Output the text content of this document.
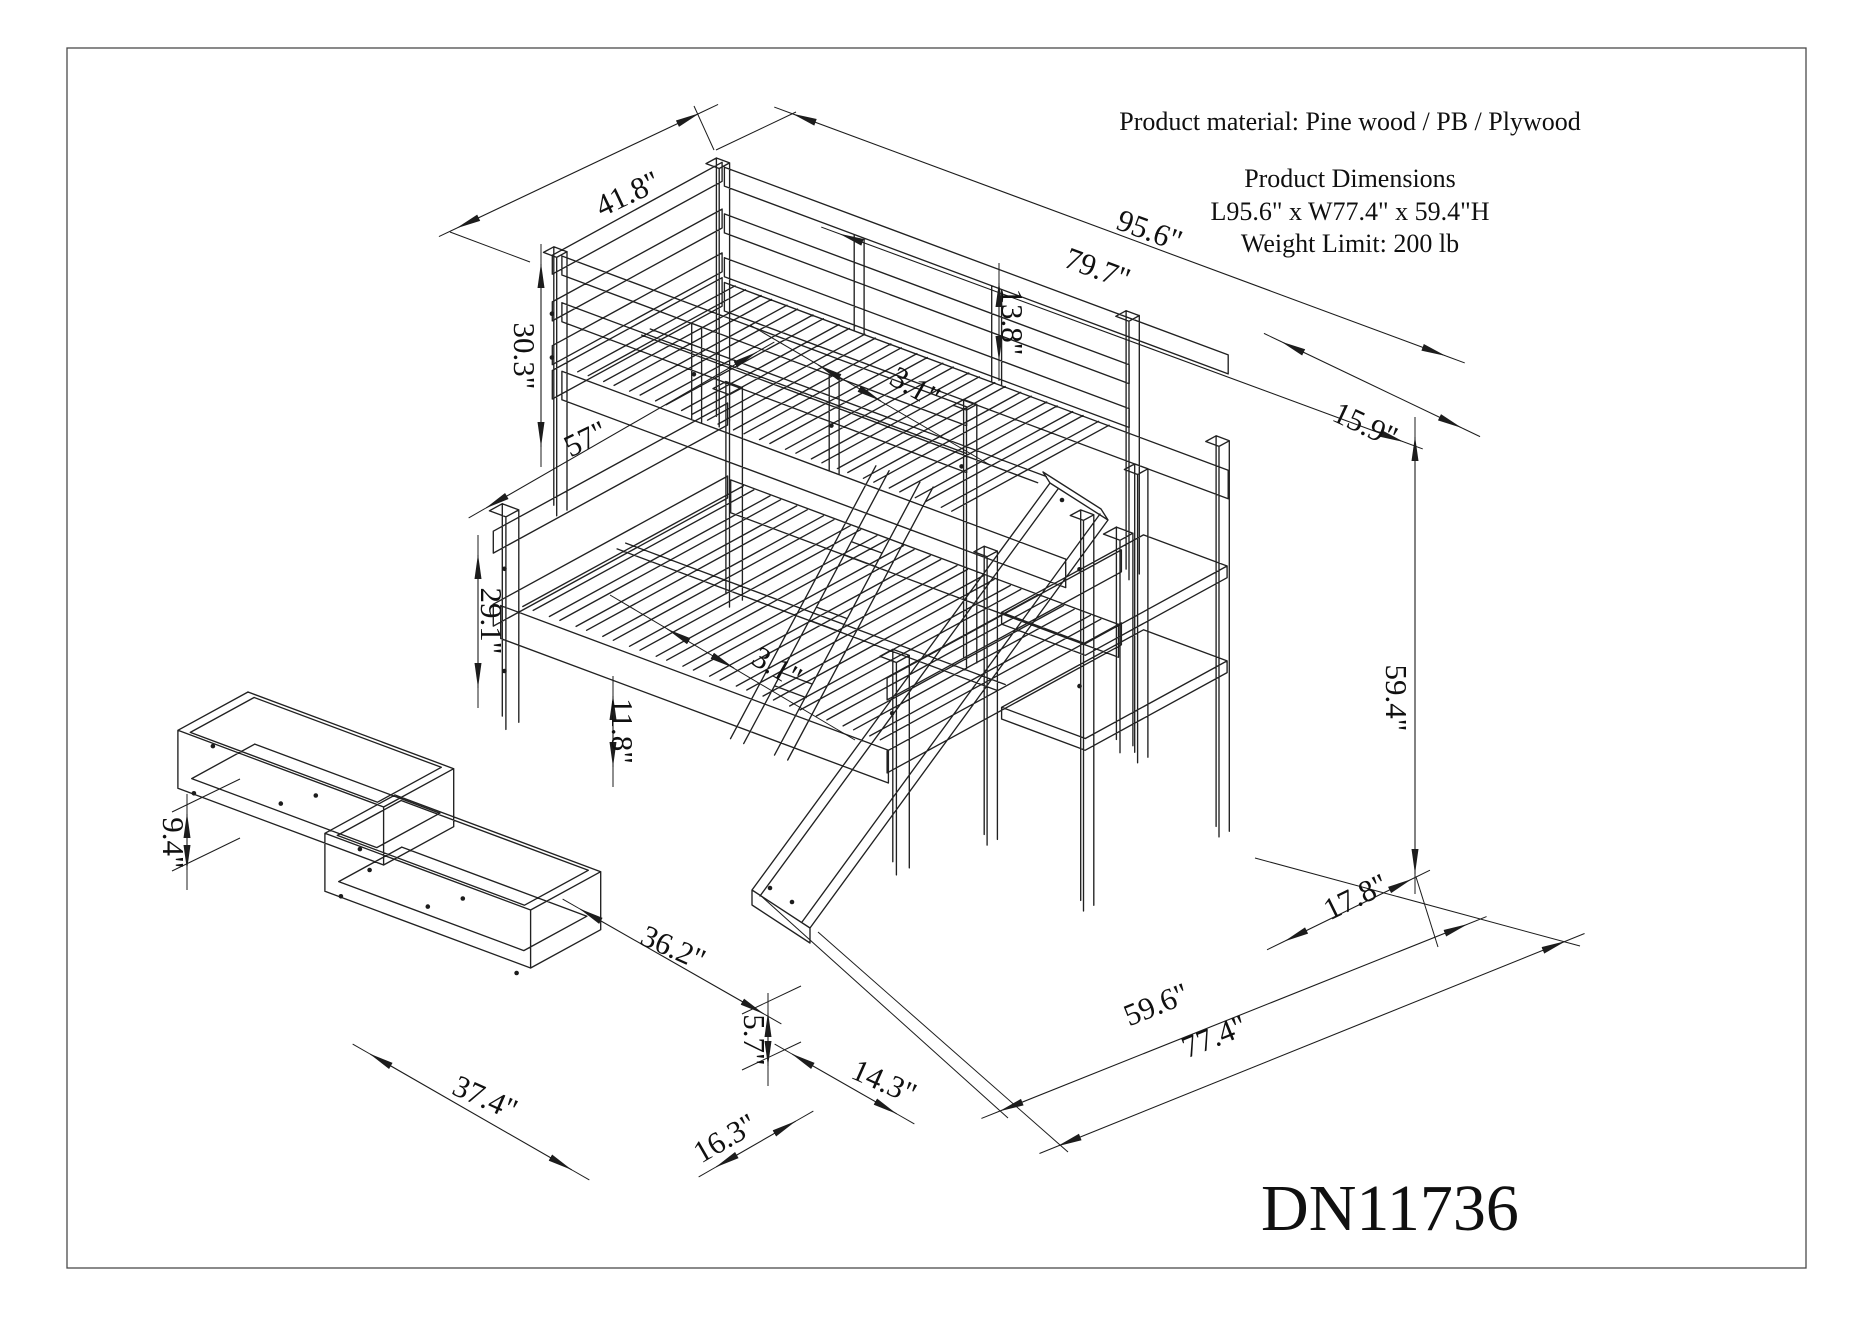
Product material: Pine wood / PB / Plywood
Product Dimensions
L95.6" x W77.4" x 59.4"H
Weight Limit: 200 lb
DN11736
41.8"
95.6"
79.7"
30.3"
57"
29.1"
11.8"
13.8"
15.9"
59.4"
17.8"
59.6"
77.4"
14.3"
9.4"
36.2"
37.4"
16.3"
5.7"
3.1"
3.1"
